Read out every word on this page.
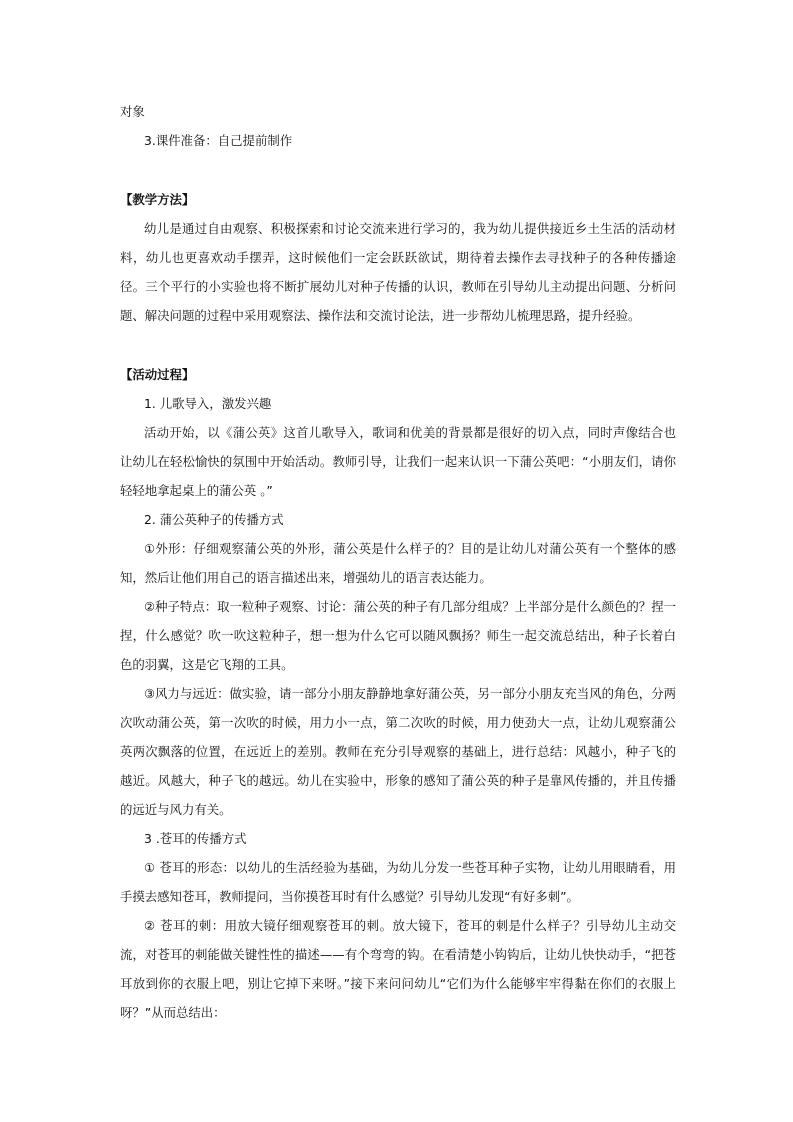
对象

3.课件准备：自己提前制作

【教学方法】

幼儿是通过自由观察、积极探索和讨论交流来进行学习的，我为幼儿提供接近乡土生活的活动材料，幼儿也更喜欢动手摆弄，这时候他们一定会跃跃欲试，期待着去操作去寻找种子的各种传播途径。三个平行的小实验也将不断扩展幼儿对种子传播的认识，教师在引导幼儿主动提出问题、分析问题、解决问题的过程中采用观察法、操作法和交流讨论法，进一步帮幼儿梳理思路，提升经验。

【活动过程】

1. 儿歌导入，激发兴趣

活动开始，以《蒲公英》这首儿歌导入，歌词和优美的背景都是很好的切入点，同时声像结合也让幼儿在轻松愉快的氛围中开始活动。教师引导，让我们一起来认识一下蒲公英吧：“小朋友们，请你轻轻地拿起桌上的蒲公英 。”

2. 蒲公英种子的传播方式

①外形：仔细观察蒲公英的外形，蒲公英是什么样子的？目的是让幼儿对蒲公英有一个整体的感知，然后让他们用自己的语言描述出来，增强幼儿的语言表达能力。

②种子特点：取一粒种子观察、讨论：蒲公英的种子有几部分组成？上半部分是什么颜色的？捏一捏，什么感觉？吹一吹这粒种子，想一想为什么它可以随风飘扬？师生一起交流总结出，种子长着白色的羽翼，这是它飞翔的工具。

③风力与远近：做实验，请一部分小朋友静静地拿好蒲公英，另一部分小朋友充当风的角色，分两次吹动蒲公英，第一次吹的时候，用力小一点，第二次吹的时候，用力使劲大一点，让幼儿观察蒲公英两次飘落的位置，在远近上的差别。教师在充分引导观察的基础上，进行总结：风越小，种子飞的越近。风越大，种子飞的越远。幼儿在实验中，形象的感知了蒲公英的种子是靠风传播的，并且传播的远近与风力有关。

3 .苍耳的传播方式

① 苍耳的形态：以幼儿的生活经验为基础，为幼儿分发一些苍耳种子实物，让幼儿用眼睛看，用手摸去感知苍耳，教师提问，当你摸苍耳时有什么感觉？引导幼儿发现“有好多刺”。

② 苍耳的刺：用放大镜仔细观察苍耳的刺。放大镜下，苍耳的刺是什么样子？引导幼儿主动交流，对苍耳的刺能做关键性性的描述——有个弯弯的钩。在看清楚小钩钩后，让幼儿快快动手，“把苍耳放到你的衣服上吧，别让它掉下来呀。”接下来问问幼儿“它们为什么能够牢牢得黏在你们的衣服上呀？”从而总结出：
